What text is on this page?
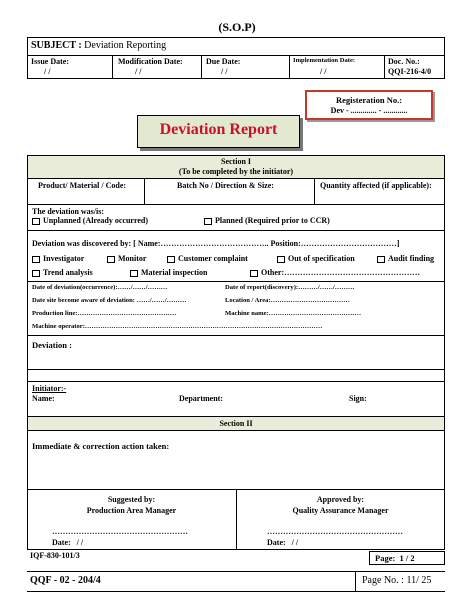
(S.O.P)
SUBJECT : Deviation Reporting
Issue Date:
/ /
Modification Date:
/ /
Due Date:
/ /
Implementation Date:
/ /
Doc. No.:
QQI-216-4/0
Registeration No.:
Dev - ............. - ............
Deviation Report
Section I
(To be completed by the initiator)
Product/ Material / Code:	Batch No / Direction & Size:	Quantity affected (if applicable):
The deviation was/is:
Unplanned (Already occurred)	Planned (Required prior to CCR)
Deviation was discovered by: [ Name:………………………………….. Position:………………………………]
Investigator	Monitor	Customer complaint	Out of specification	Audit finding
Trend analysis	Material inspection	Other:……………………………………………
Date of deviation(occurrence):……/……/………	Date of report(discovery):………/……/………
Date site become aware of deviation: ……/……/………	Location / Area:………………………………
Production line:………………………………………	Machine name:……………………………………
Machine operator:………………………………………………………………………………………………
Deviation :
Initiator:-
Name:	Department:	Sign:
Section II
Immediate & correction action taken:
Suggested by:
Production Area Manager
……………………………………………
Date: / /
Approved by:
Quality Assurance Manager
……………………………………………
Date: / /
IQF-830-101/3	Page: 1 / 2
QQF - 02 - 204/4	Page No. : 11/ 25
